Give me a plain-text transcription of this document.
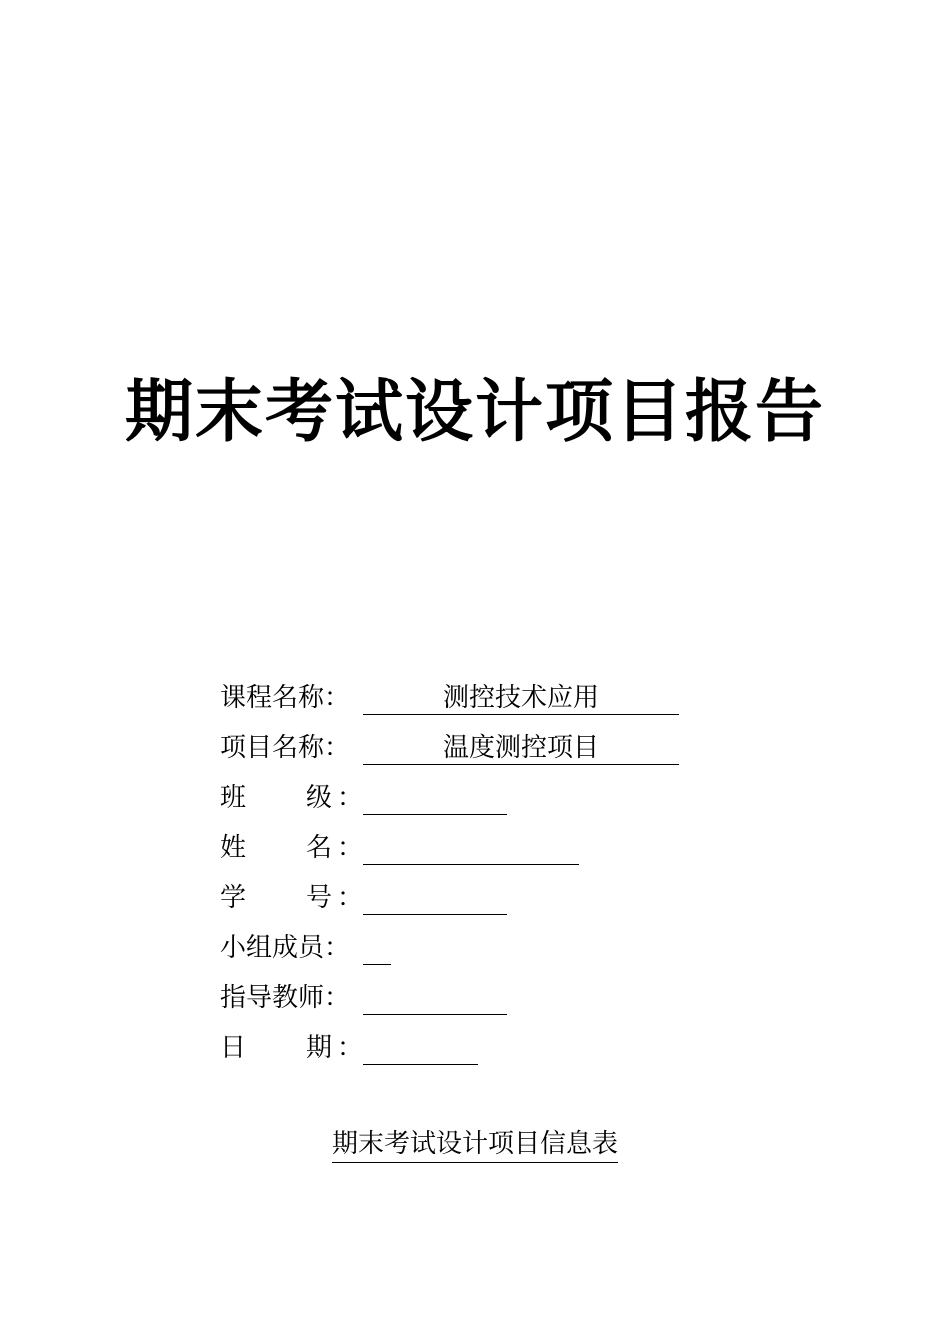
期末考试设计项目报告
课程名称：	测控技术应用
项目名称：	温度测控项目
班 级 ：
姓 名 ：
学 号 ：
小组成员：
指导教师：
日 期 ：
期末考试设计项目信息表
